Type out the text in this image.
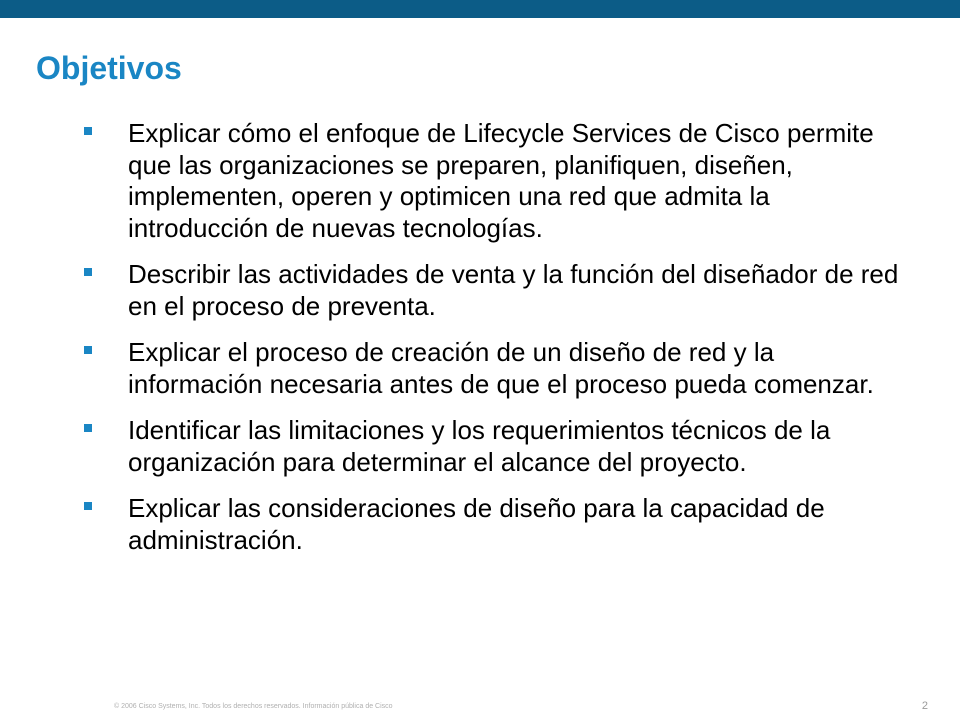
Objetivos
Explicar cómo el enfoque de Lifecycle Services de Cisco permite que las organizaciones se preparen, planifiquen, diseñen, implementen, operen y optimicen una red que admita la introducción de nuevas tecnologías.
Describir las actividades de venta y la función del diseñador de red en el proceso de preventa.
Explicar el proceso de creación de un diseño de red y la información necesaria antes de que el proceso pueda comenzar.
Identificar las limitaciones y los requerimientos técnicos de la organización para determinar el alcance del proyecto.
Explicar las consideraciones de diseño para la capacidad de administración.
© 2006 Cisco Systems, Inc. Todos los derechos reservados. Información pública de Cisco	2
